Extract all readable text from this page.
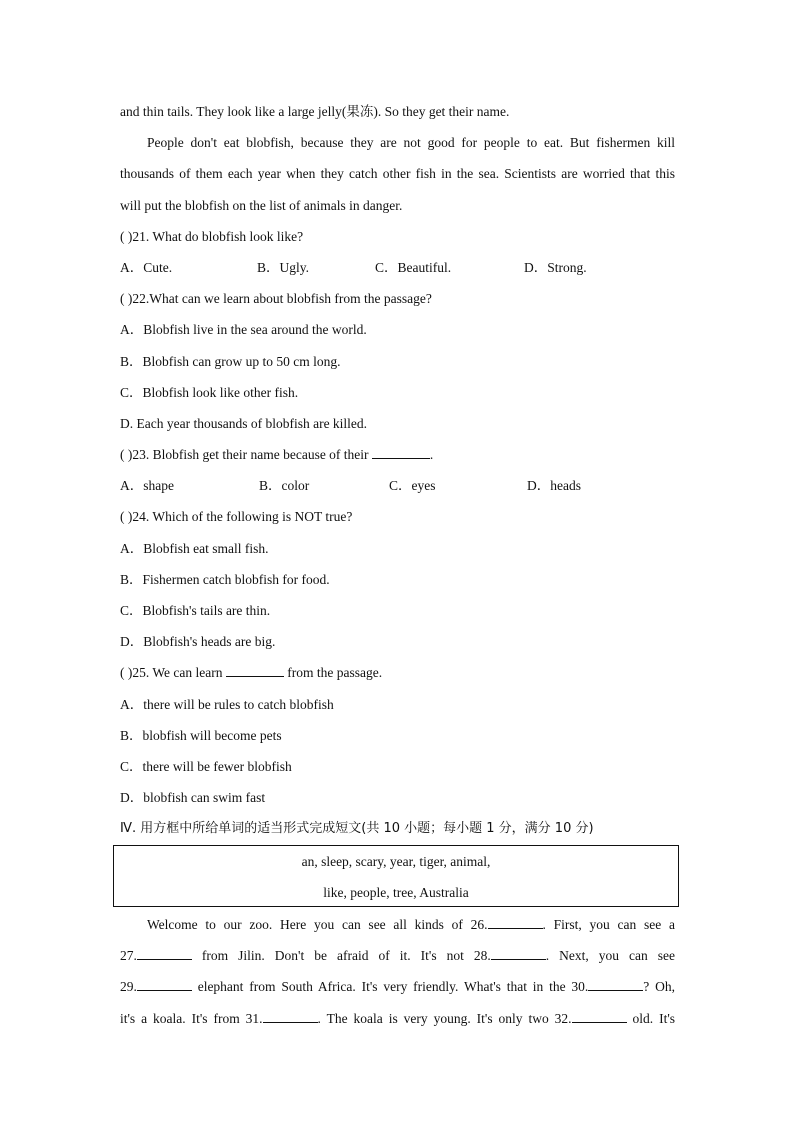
and thin tails. They look like a large jelly(果冻). So they get their name.
People don't eat blobfish, because they are not good for people to eat. But fishermen kill
thousands of them each year when they catch other fish in the sea. Scientists are worried that this
will put the blobfish on the list of animals in danger.
( )21. What do blobfish look like?
A．Cute.	B．Ugly.	C．Beautiful.	D．Strong.
( )22.What can we learn about blobfish from the passage?
A．Blobfish live in the sea around the world.
B．Blobfish can grow up to 50 cm long.
C．Blobfish look like other fish.
D. Each year thousands of blobfish are killed.
( )23. Blobfish get their name because of their	.
A．shape	B．color	C．eyes	D．heads
( )24. Which of the following is NOT true?
A．Blobfish eat small fish.
B．Fishermen catch blobfish for food.
C．Blobfish's tails are thin.
D．Blobfish's heads are big.
( )25. We can learn	from the passage.
A．there will be rules to catch blobfish
B．blobfish will become pets
C．there will be fewer blobfish
D．blobfish can swim fast
Ⅳ. 用方框中所给单词的适当形式完成短文(共 10 小题；每小题 1 分，满分 10 分)
an, sleep, scary, year, tiger, animal,
like, people, tree, Australia
Welcome to our zoo. Here you can see all kinds of 26.	. First, you can see a
27.	from Jilin. Don't be afraid of it. It's not 28.	. Next, you can see
29.	elephant from South Africa. It's very friendly. What's that in the 30.	? Oh,
it's a koala. It's from 31.	. The koala is very young. It's only two 32.	old. It's
